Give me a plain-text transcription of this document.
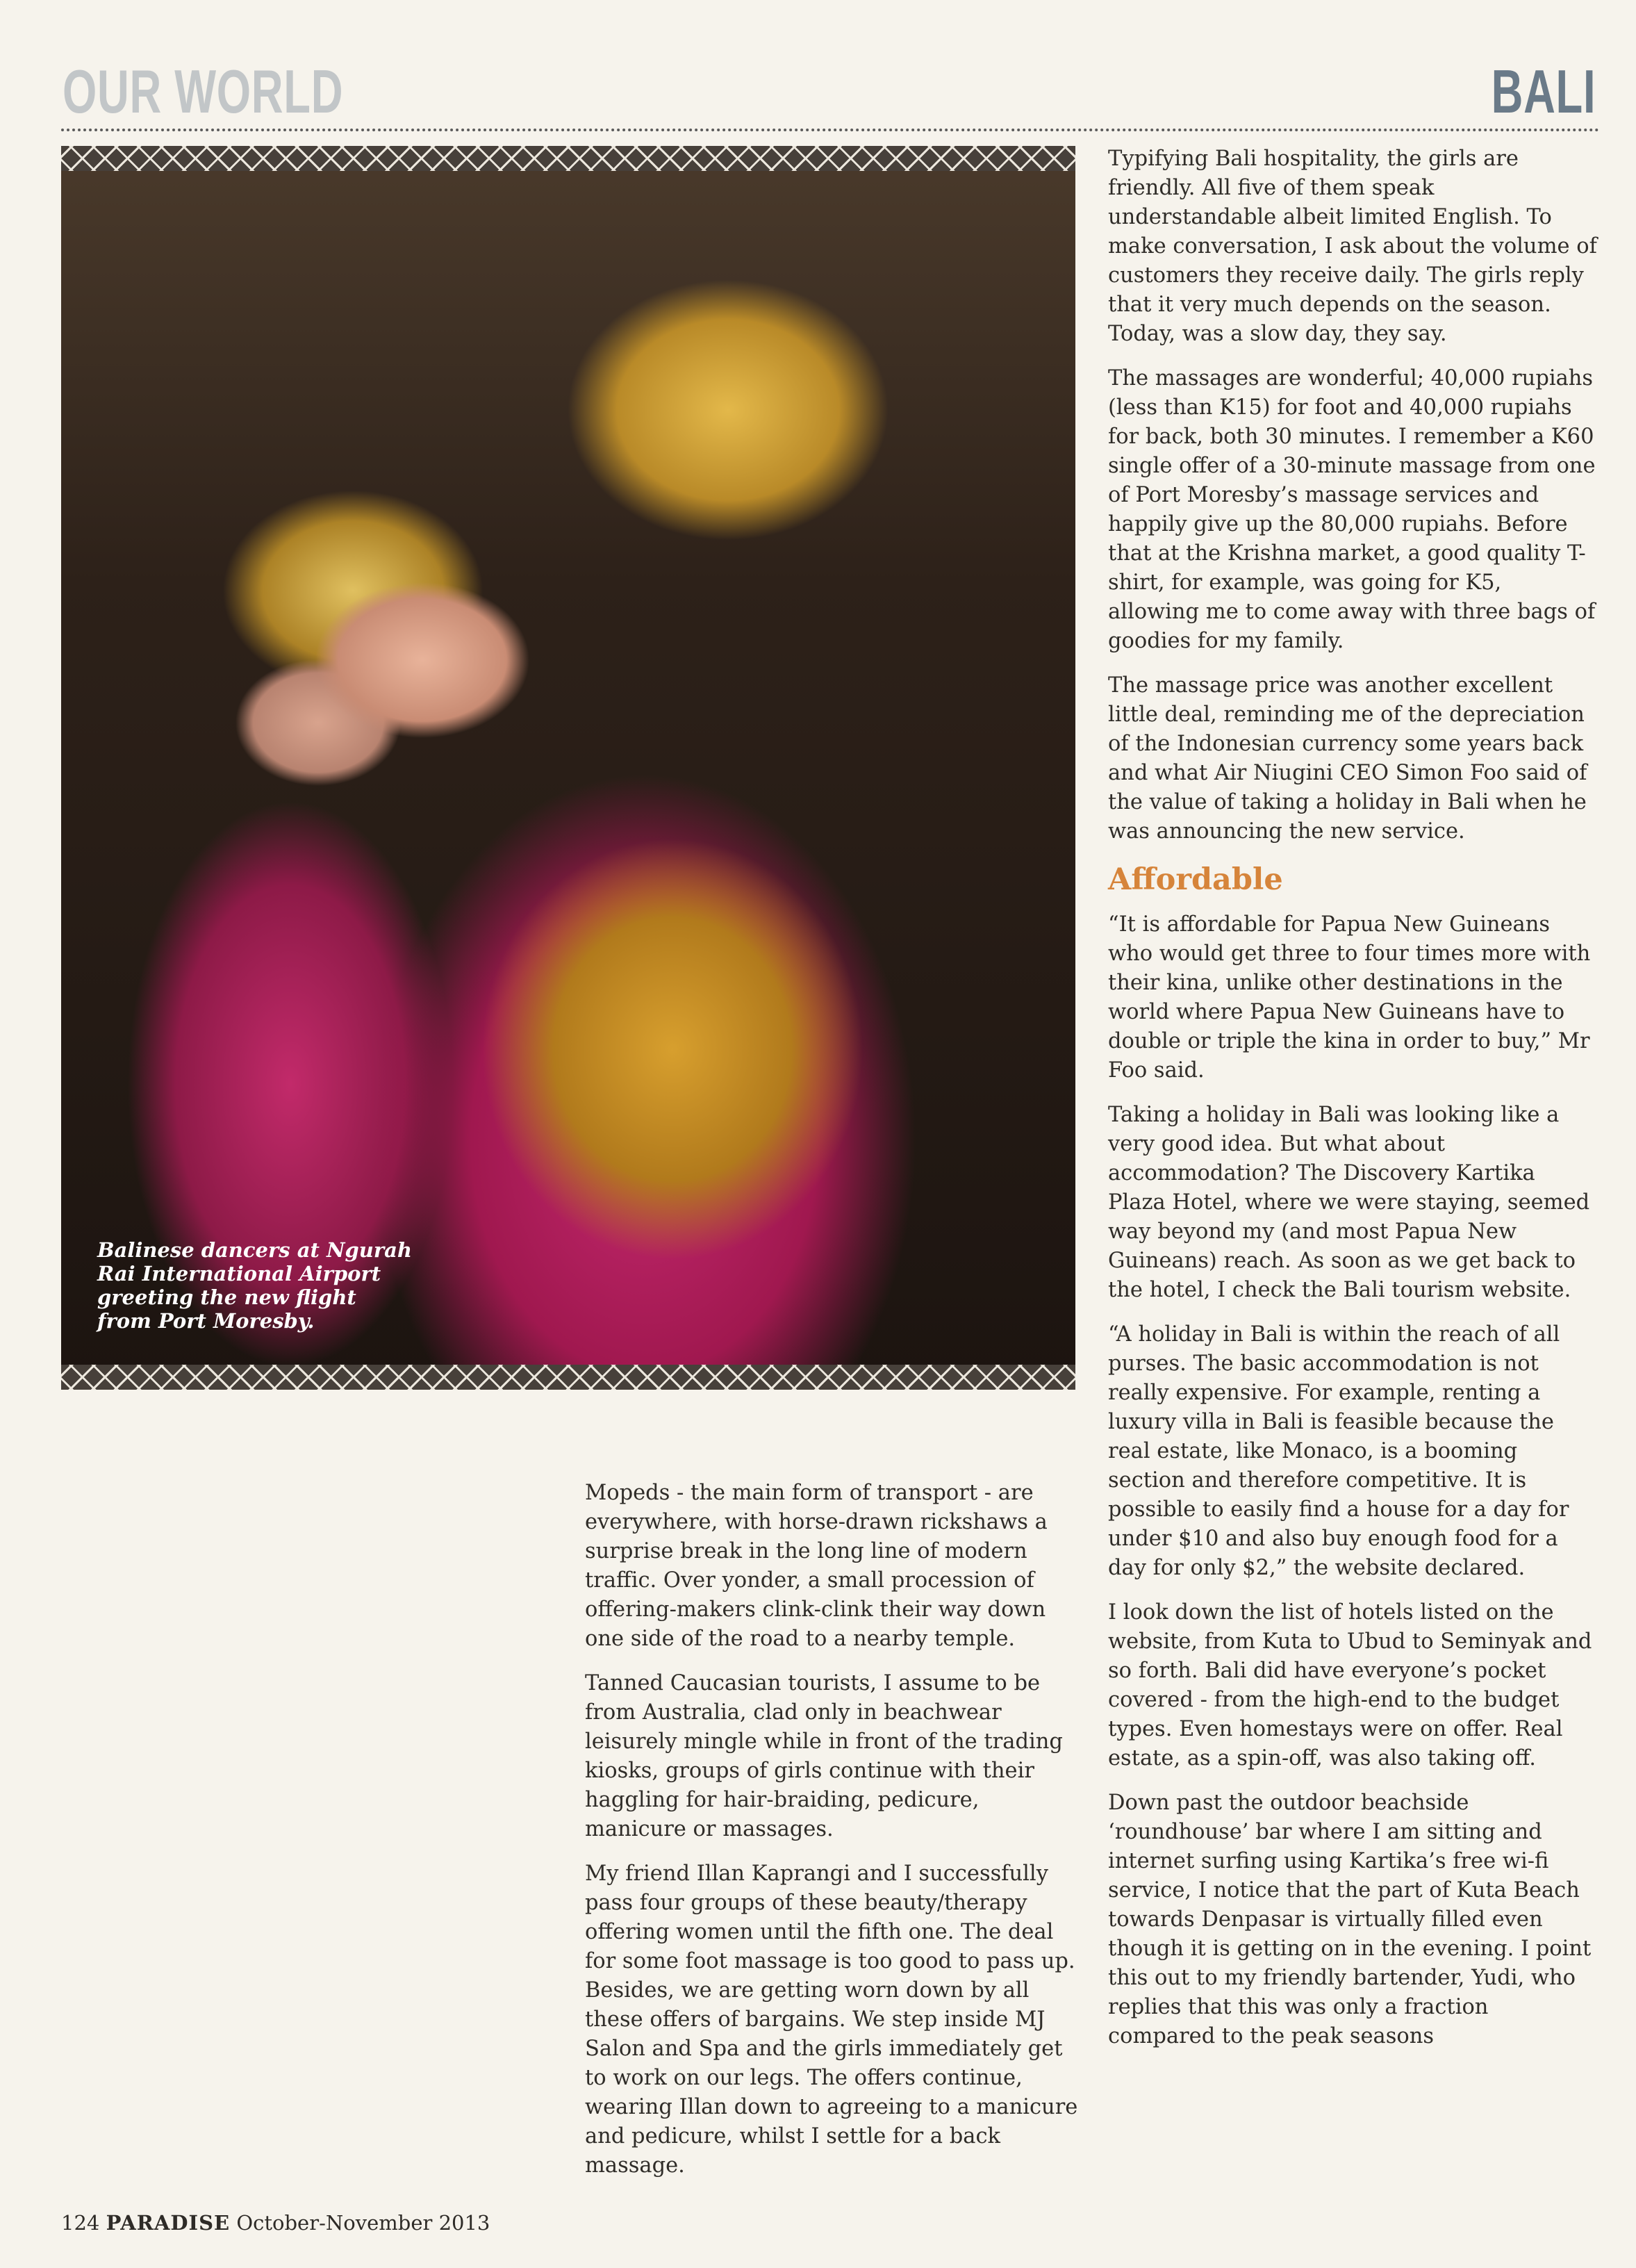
OUR WORLD	BALI
Balinese dancers at Ngurah Rai International Airport greeting the new flight from Port Moresby.

Typifying Bali hospitality, the girls are friendly. All five of them speak understandable albeit limited English. To make conversation, I ask about the volume of customers they receive daily. The girls reply that it very much depends on the season. Today, was a slow day, they say.

The massages are wonderful; 40,000 rupiahs (less than K15) for foot and 40,000 rupiahs for back, both 30 minutes. I remember a K60 single offer of a 30-minute massage from one of Port Moresby’s massage services and happily give up the 80,000 rupiahs. Before that at the Krishna market, a good quality T-shirt, for example, was going for K5, allowing me to come away with three bags of goodies for my family.

The massage price was another excellent little deal, reminding me of the depreciation of the Indonesian currency some years back and what Air Niugini CEO Simon Foo said of the value of taking a holiday in Bali when he was announcing the new service.

Affordable

“It is affordable for Papua New Guineans who would get three to four times more with their kina, unlike other destinations in the world where Papua New Guineans have to double or triple the kina in order to buy,” Mr Foo said.

Taking a holiday in Bali was looking like a very good idea. But what about accommodation? The Discovery Kartika Plaza Hotel, where we were staying, seemed way beyond my (and most Papua New Guineans) reach. As soon as we get back to the hotel, I check the Bali tourism website.

“A holiday in Bali is within the reach of all purses. The basic accommodation is not really expensive. For example, renting a luxury villa in Bali is feasible because the real estate, like Monaco, is a booming section and therefore competitive. It is possible to easily find a house for a day for under $10 and also buy enough food for a day for only $2,” the website declared.

I look down the list of hotels listed on the website, from Kuta to Ubud to Seminyak and so forth. Bali did have everyone’s pocket covered - from the high-end to the budget types. Even homestays were on offer. Real estate, as a spin-off, was also taking off.

Down past the outdoor beachside ‘roundhouse’ bar where I am sitting and internet surfing using Kartika’s free wi-fi service, I notice that the part of Kuta Beach towards Denpasar is virtually filled even though it is getting on in the evening. I point this out to my friendly bartender, Yudi, who replies that this was only a fraction compared to the peak seasons

Mopeds - the main form of transport - are everywhere, with horse-drawn rickshaws a surprise break in the long line of modern traffic. Over yonder, a small procession of offering-makers clink-clink their way down one side of the road to a nearby temple.

Tanned Caucasian tourists, I assume to be from Australia, clad only in beachwear leisurely mingle while in front of the trading kiosks, groups of girls continue with their haggling for hair-braiding, pedicure, manicure or massages.

My friend Illan Kaprangi and I successfully pass four groups of these beauty/therapy offering women until the fifth one. The deal for some foot massage is too good to pass up. Besides, we are getting worn down by all these offers of bargains. We step inside MJ Salon and Spa and the girls immediately get to work on our legs. The offers continue, wearing Illan down to agreeing to a manicure and pedicure, whilst I settle for a back massage.

124 PARADISE October-November 2013
